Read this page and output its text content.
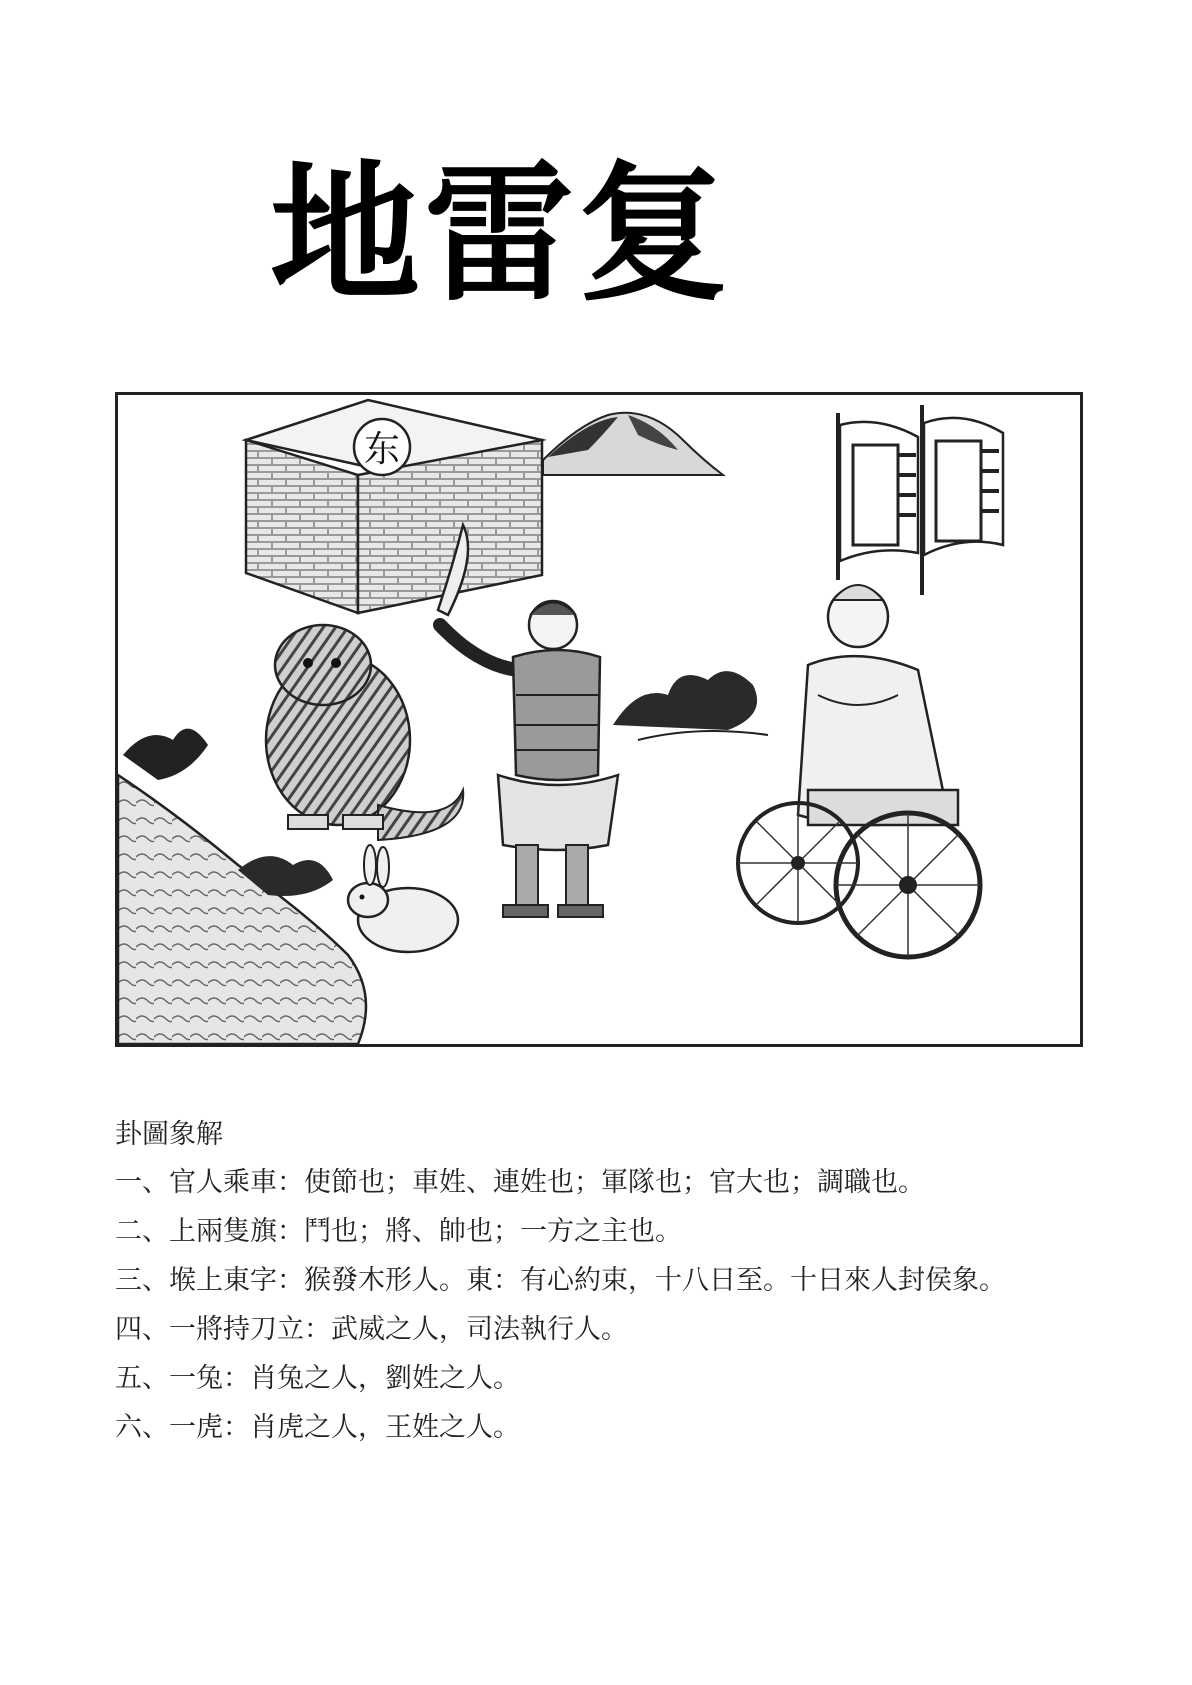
地雷复
东
卦圖象解
一、官人乘車：使節也；車姓、連姓也；軍隊也；官大也；調職也。
二、上兩隻旗：鬥也；將、帥也；一方之主也。
三、堠上東字：猴發木形人。東：有心約束，十八日至。十日來人封侯象。
四、一將持刀立：武威之人，司法執行人。
五、一兔：肖兔之人，劉姓之人。
六、一虎：肖虎之人，王姓之人。
